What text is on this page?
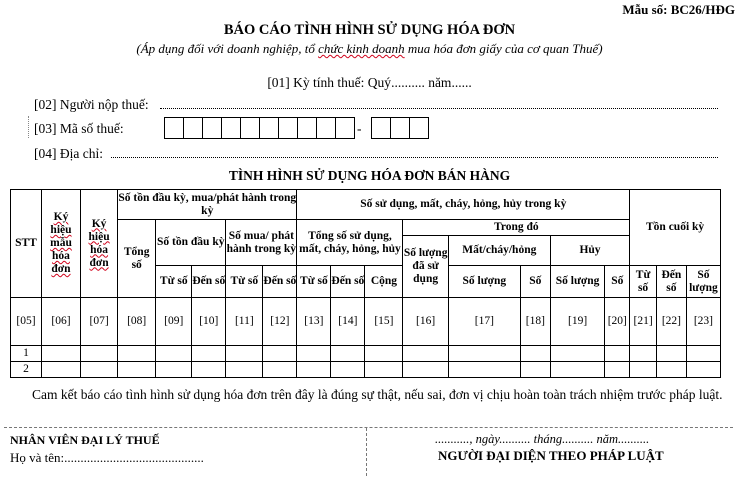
Mẫu số: BC26/HĐG
BÁO CÁO TÌNH HÌNH SỬ DỤNG HÓA ĐƠN
(Áp dụng đối với doanh nghiệp, tổ chức kinh doanh mua hóa đơn giấy của cơ quan Thuế)
[01] Kỳ tính thuế: Quý.......... năm......
[02] Người nộp thuế:
[03] Mã số thuế:	-
[04] Địa chỉ:
TÌNH HÌNH SỬ DỤNG HÓA ĐƠN BÁN HÀNG
STT	Ký hiệu mẫu hóa đơn	Ký hiệu hóa đơn	Số tồn đầu kỳ, mua/phát hành trong kỳ					Số sử dụng, mất, cháy, hỏng, hủy trong kỳ								Tồn cuối kỳ		
			Tổng số	Số tồn đầu kỳ		Số mua/ phát hành trong kỳ		Tổng số sử dụng, mất, cháy, hỏng, hủy			Trong đó							
											Số lượng đã sử dụng	Mất/cháy/hỏng		Hủy				
				Từ số	Đến số	Từ số	Đến số	Từ số	Đến số	Cộng		Số lượng	Số	Số lượng	Số	Từ số	Đến số	Số lượng
[05]	[06]	[07]	[08]	[09]	[10]	[11]	[12]	[13]	[14]	[15]	[16]	[17]	[18]	[19]	[20]	[21]	[22]	[23]
1																		
2																		
Cam kết báo cáo tình hình sử dụng hóa đơn trên đây là đúng sự thật, nếu sai, đơn vị chịu hoàn toàn trách nhiệm trước pháp luật.
NHÂN VIÊN ĐẠI LÝ THUẾ
Họ và tên:...........................................
..........., ngày.......... tháng.......... năm..........
NGƯỜI ĐẠI DIỆN THEO PHÁP LUẬT
